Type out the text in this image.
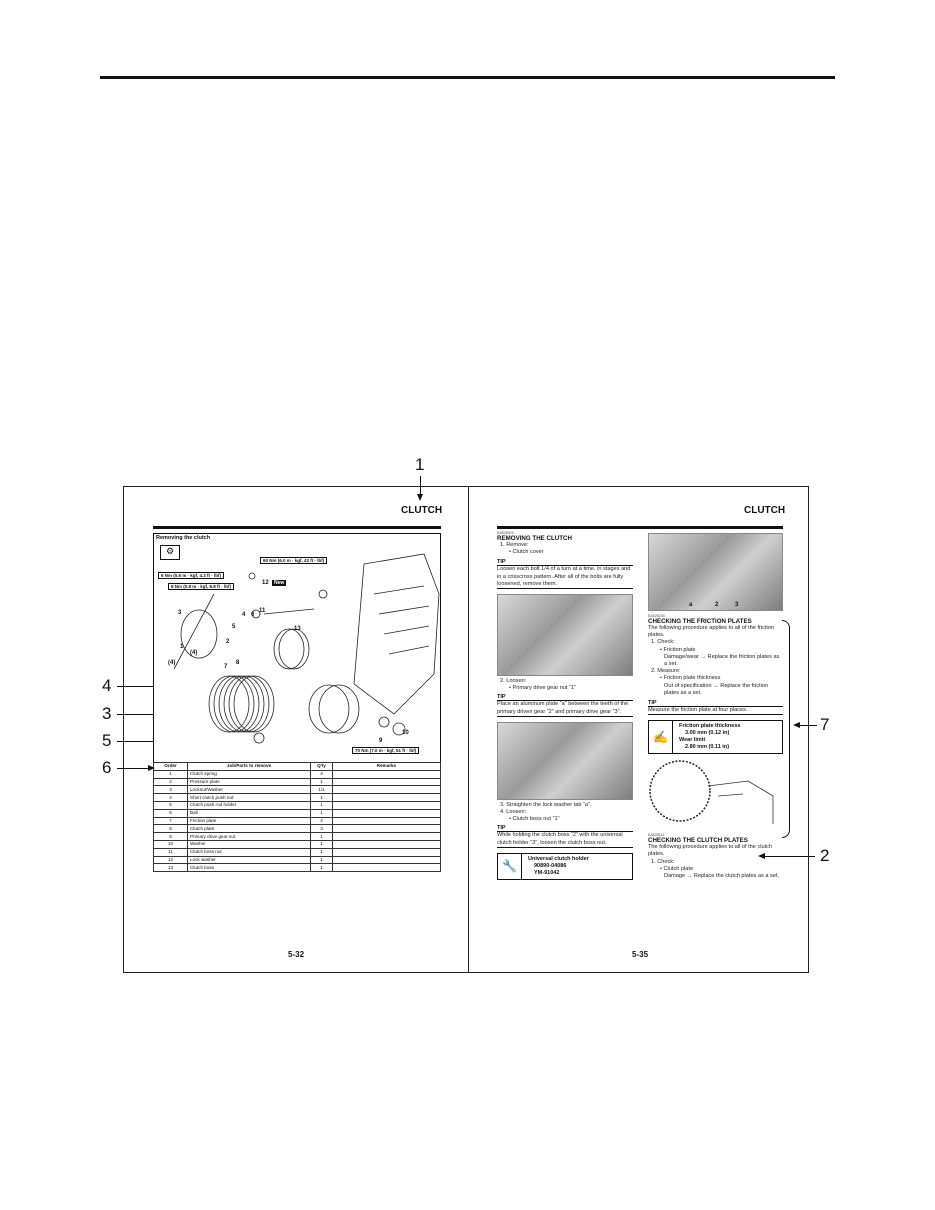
1
4
3
5
6
7
2
CLUTCH
Removing the clutch
⚙
6 Nm (0.6 m · kgf, 4.3 ft · lbf)
8 Nm (0.8 m · kgf, 5.8 ft · lbf)
60 Nm (6.0 m · kgf, 43 ft · lbf)
70 Nm (7.0 m · kgf, 51 ft · lbf)
12	New
3	4
5
2
6
11
13
1
(4)
(4)
7
8
9
10
Order	Job/Parts to remove	Q'ty	Remarks
1	Clutch spring	4	
2	Pressure plate	1	
3	Locknut/Washer	1/1	
4	Short clutch push rod	1	
5	Clutch push rod holder	1	
6	Ball	1	
7	Friction plate	4	
8	Clutch plate	3	
9	Primary drive gear nut	1	
10	Washer	1	
11	Clutch boss nut	1	
12	Lock washer	1	
13	Clutch boss	1	
5-32
CLUTCH
EAS25070
REMOVING THE CLUTCH
1. Remove:
• Clutch cover
TIP
Loosen each bolt 1/4 of a turn at a time, in stages and in a crisscross pattern. After all of the bolts are fully loosened, remove them.
2. Loosen:
• Primary drive gear nut “1”
TIP
Place an aluminum plate “a” between the teeth of the primary driven gear “2” and primary drive gear “3”.
3. Straighten the lock washer tab “a”.
4. Loosen:
• Clutch boss nut “1”
TIP
While holding the clutch boss “2” with the universal clutch holder “3”, loosen the clutch boss nut.
🔧	Universal clutch holder
90890-04086
YM-91042
a	2	3
EAS25100
CHECKING THE FRICTION PLATES
The following procedure applies to all of the friction plates.
1. Check:
• Friction plate
Damage/wear → Replace the friction plates as a set.
2. Measure:
• Friction plate thickness
Out of specification → Replace the friction plates as a set.
TIP
Measure the friction plate at four places.
✍
Friction plate thickness
3.00 mm (0.12 in)
Wear limit
2.80 mm (0.11 in)
EAS25111
CHECKING THE CLUTCH PLATES
The following procedure applies to all of the clutch plates.
1. Check:
• Clutch plate
Damage → Replace the clutch plates as a set.
5-35
